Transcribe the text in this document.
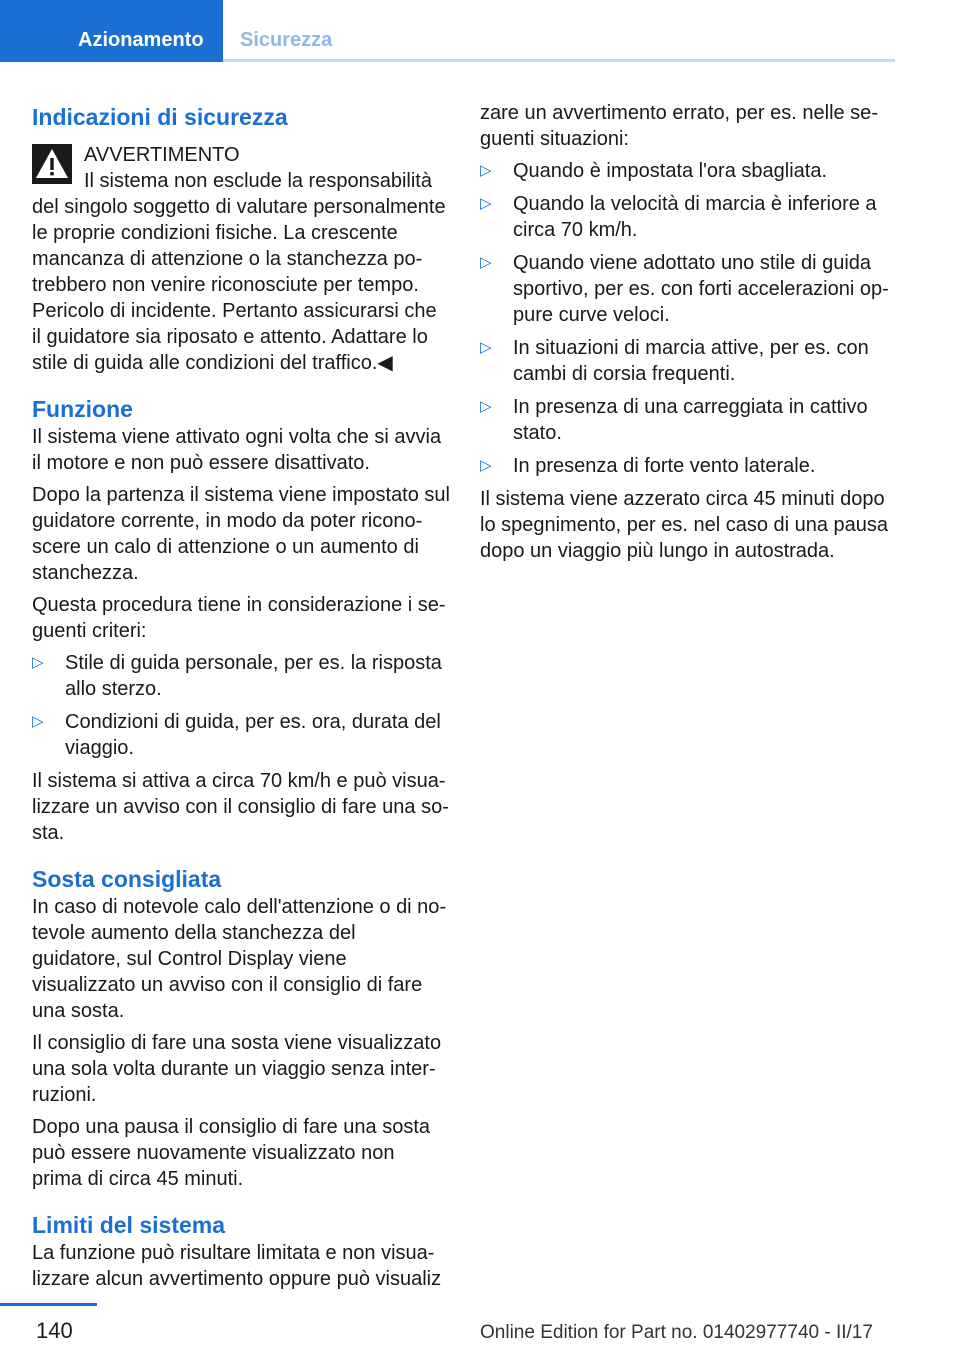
Azionamento	Sicurezza
Indicazioni di sicurezza
AVVERTIMENTO
Il sistema non esclude la responsabilità del singolo soggetto di valutare personalmente le proprie condizioni fisiche. La crescente mancanza di attenzione o la stanchezza potrebbero non venire riconosciute per tempo. Pericolo di incidente. Pertanto assicurarsi che il guidatore sia riposato e attento. Adattare lo stile di guida alle condizioni del traffico.◀
Funzione

Il sistema viene attivato ogni volta che si avvia il motore e non può essere disattivato.

Dopo la partenza il sistema viene impostato sul guidatore corrente, in modo da poter riconoscere un calo di attenzione o un aumento di stanchezza.

Questa procedura tiene in considerazione i seguenti criteri:

▷ Stile di guida personale, per es. la risposta allo sterzo.
▷ Condizioni di guida, per es. ora, durata del viaggio.

Il sistema si attiva a circa 70 km/h e può visualizzare un avviso con il consiglio di fare una sosta.

Sosta consigliata

In caso di notevole calo dell'attenzione o di notevole aumento della stanchezza del guidatore, sul Control Display viene visualizzato un avviso con il consiglio di fare una sosta.

Il consiglio di fare una sosta viene visualizzato una sola volta durante un viaggio senza interruzioni.

Dopo una pausa il consiglio di fare una sosta può essere nuovamente visualizzato non prima di circa 45 minuti.

Limiti del sistema

La funzione può risultare limitata e non visualizzare alcun avvertimento oppure può visualiz

zare un avvertimento errato, per es. nelle seguenti situazioni:

▷ Quando è impostata l'ora sbagliata.
▷ Quando la velocità di marcia è inferiore a circa 70 km/h.
▷ Quando viene adottato uno stile di guida sportivo, per es. con forti accelerazioni oppure curve veloci.
▷ In situazioni di marcia attive, per es. con cambi di corsia frequenti.
▷ In presenza di una carreggiata in cattivo stato.
▷ In presenza di forte vento laterale.

Il sistema viene azzerato circa 45 minuti dopo lo spegnimento, per es. nel caso di una pausa dopo un viaggio più lungo in autostrada.

140	Online Edition for Part no. 01402977740 - II/17
